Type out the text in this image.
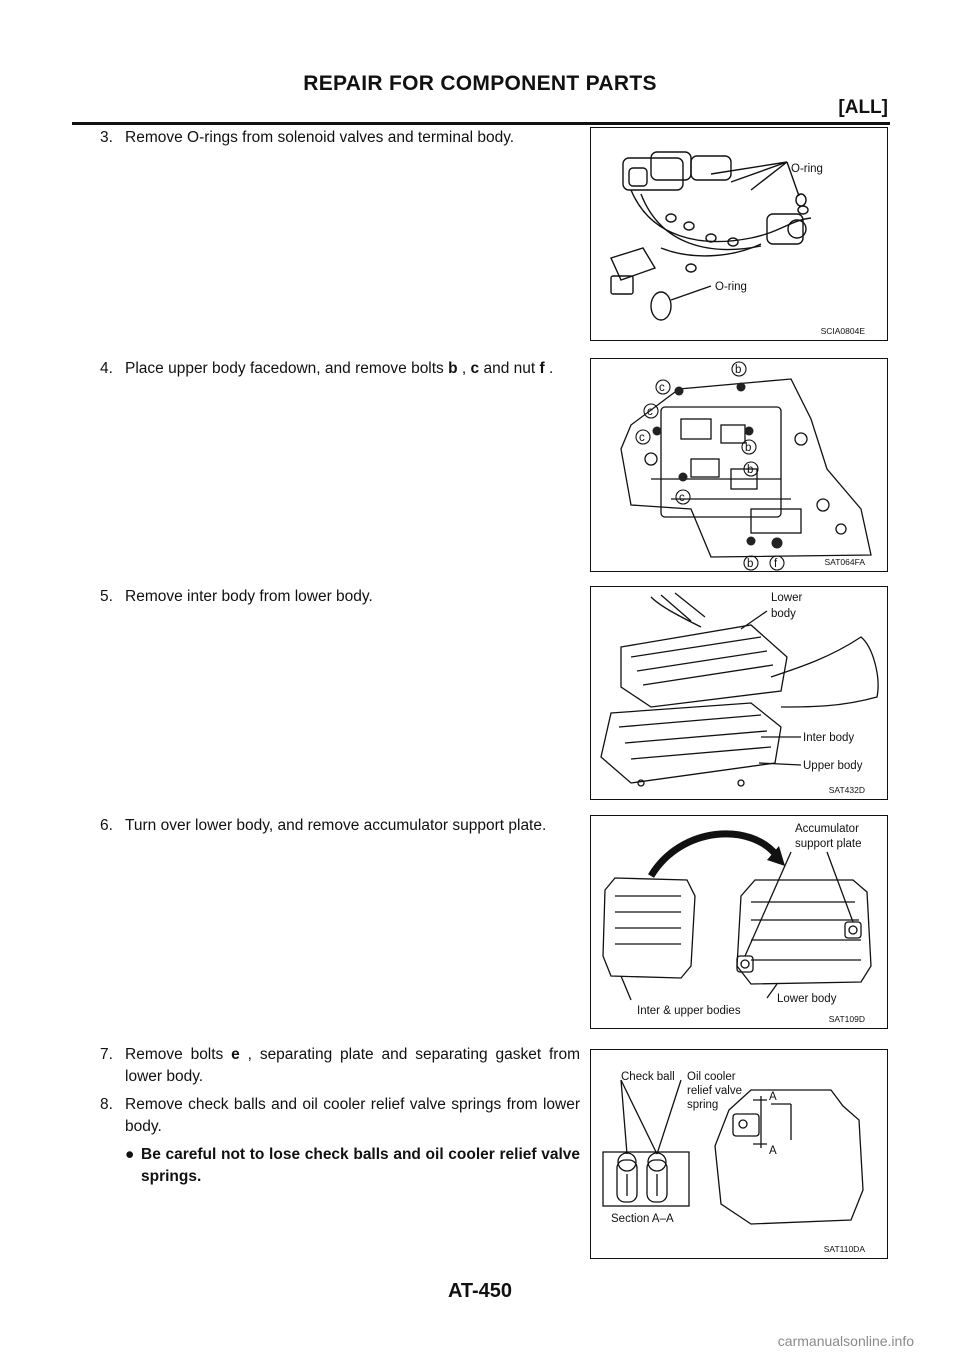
REPAIR FOR COMPONENT PARTS
[ALL]
3. Remove O-rings from solenoid valves and terminal body.
4. Place upper body facedown, and remove bolts b , c and nut f .
5. Remove inter body from lower body.
6. Turn over lower body, and remove accumulator support plate.
7. Remove bolts e , separating plate and separating gasket from lower body.
8. Remove check balls and oil cooler relief valve springs from lower body.
● Be careful not to lose check balls and oil cooler relief valve springs.
O-ring
O-ring
SCIA0804E
b
c
c
c
b
b
c
b f	SAT064FA
Lower
body
Inter body
Upper body
SAT432D
Accumulator
support plate
Inter & upper bodies
Lower body
SAT109D
Check ball Oil cooler
relief valve
spring
A
A
Section A–A
SAT110DA
AT-450
carmanualsonline.info
